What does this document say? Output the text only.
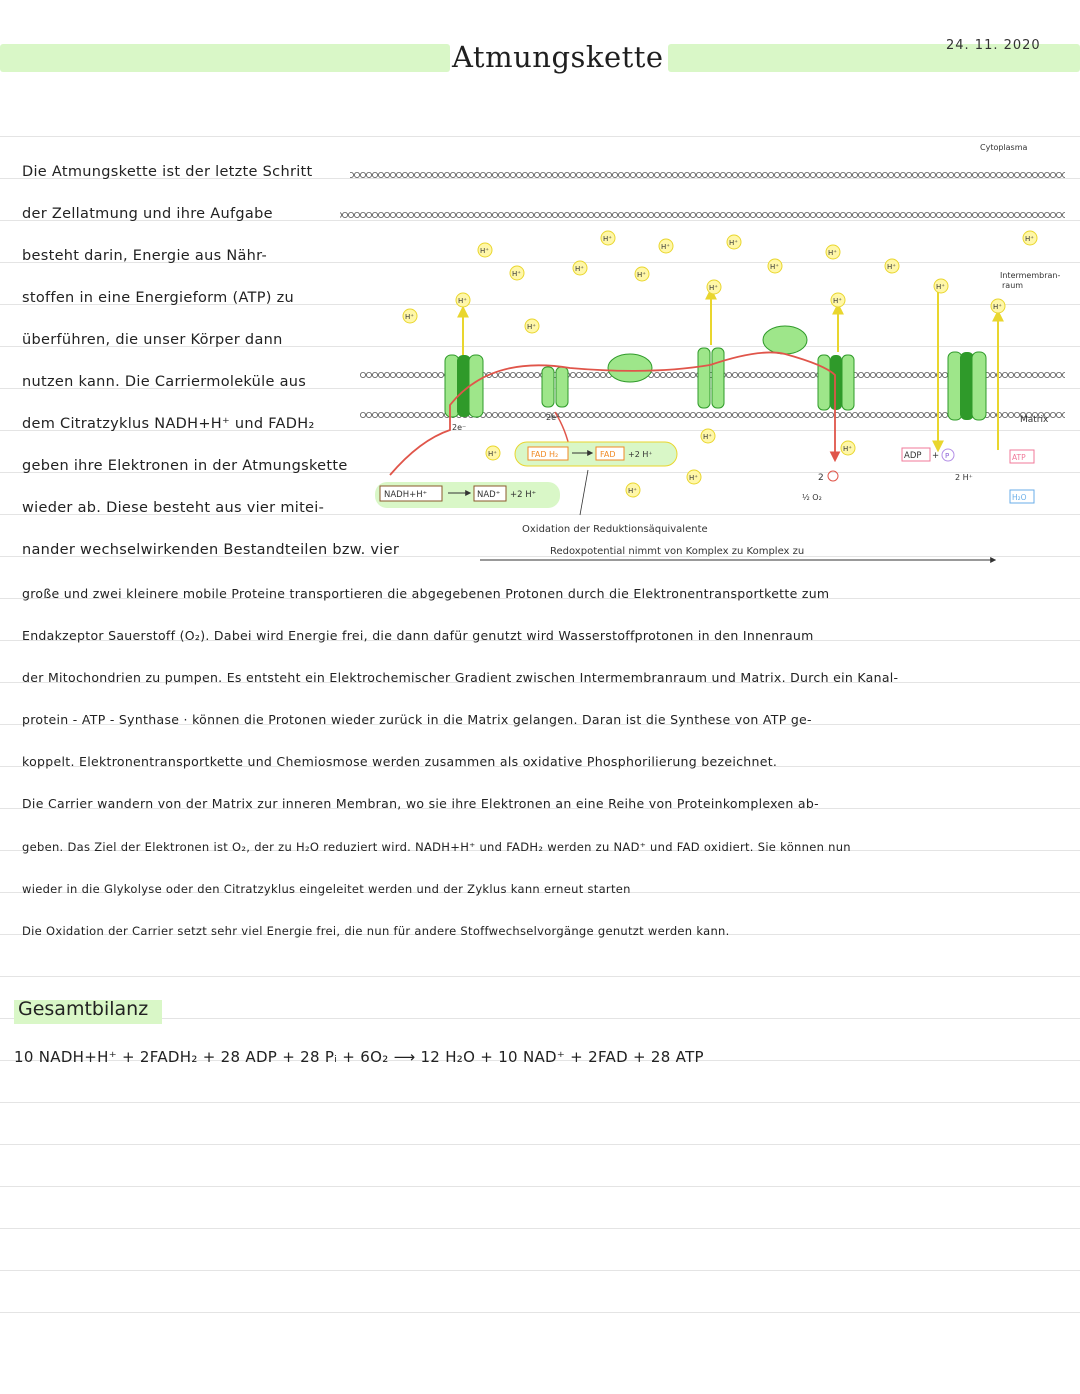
Atmungskette	24. 11. 2020
Die Atmungskette ist der letzte Schritt
der Zellatmung und ihre Aufgabe
besteht darin, Energie aus Nähr-
stoffen in eine Energieform (ATP) zu
überführen, die unser Körper dann
nutzen kann. Die Carriermoleküle aus
dem Citratzyklus NADH+H⁺ und FADH₂
geben ihre Elektronen in der Atmungskette
wieder ab. Diese besteht aus vier mitei-
nander wechselwirkenden Bestandteilen bzw. vier
Cytoplasma
Intermembran-
raum
Matrix
H⁺
H⁺
H⁺
H⁺
H⁺
H⁺	H⁺
H⁺
H⁺
H⁺
H⁺
H⁺
H⁺
H⁺
H⁺
H⁺
H⁺
H⁺
H⁺
H⁺
H⁺
H⁺
H⁺
2e⁻
2e⁻
2
½ O₂
NADH+H⁺	NAD⁺ +2 H⁺
FAD H₂	FAD +2 H⁺	ADP + P	ATP
H₂O
2 H⁺
Oxidation der Reduktionsäquivalente
Redoxpotential nimmt von Komplex zu Komplex zu
große und zwei kleinere mobile Proteine transportieren die abgegebenen Protonen durch die Elektronentransportkette zum
Endakzeptor Sauerstoff (O₂). Dabei wird Energie frei, die dann dafür genutzt wird Wasserstoffprotonen in den Innenraum
der Mitochondrien zu pumpen. Es entsteht ein Elektrochemischer Gradient zwischen Intermembranraum und Matrix. Durch ein Kanal-
protein - ATP - Synthase · können die Protonen wieder zurück in die Matrix gelangen. Daran ist die Synthese von ATP ge-
koppelt. Elektronentransportkette und Chemiosmose werden zusammen als oxidative Phosphorilierung bezeichnet.
Die Carrier wandern von der Matrix zur inneren Membran, wo sie ihre Elektronen an eine Reihe von Proteinkomplexen ab-
geben. Das Ziel der Elektronen ist O₂, der zu H₂O reduziert wird. NADH+H⁺ und FADH₂ werden zu NAD⁺ und FAD oxidiert. Sie können nun
wieder in die Glykolyse oder den Citratzyklus eingeleitet werden und der Zyklus kann erneut starten
Die Oxidation der Carrier setzt sehr viel Energie frei, die nun für andere Stoffwechselvorgänge genutzt werden kann.
Gesamtbilanz
10 NADH+H⁺ + 2FADH₂ + 28 ADP + 28 Pᵢ + 6O₂ ⟶ 12 H₂O + 10 NAD⁺ + 2FAD + 28 ATP
